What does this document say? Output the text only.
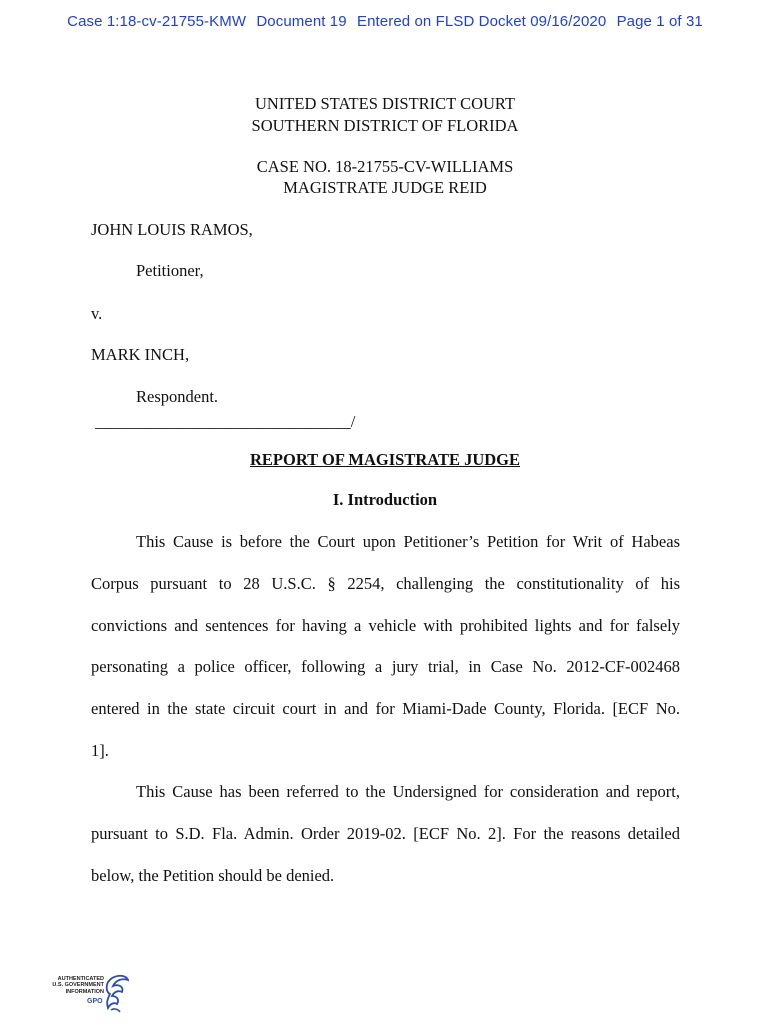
Case 1:18-cv-21755-KMW Document 19 Entered on FLSD Docket 09/16/2020 Page 1 of 31
UNITED STATES DISTRICT COURT
SOUTHERN DISTRICT OF FLORIDA
CASE NO. 18-21755-CV-WILLIAMS
MAGISTRATE JUDGE REID
JOHN LOUIS RAMOS,
Petitioner,
v.
MARK INCH,
Respondent.
_______________________________/
REPORT OF MAGISTRATE JUDGE
I. Introduction
This Cause is before the Court upon Petitioner’s Petition for Writ of Habeas
Corpus pursuant to 28 U.S.C. § 2254, challenging the constitutionality of his
convictions and sentences for having a vehicle with prohibited lights and for falsely
personating a police officer, following a jury trial, in Case No. 2012-CF-002468
entered in the state circuit court in and for Miami-Dade County, Florida. [ECF No.
1].
This Cause has been referred to the Undersigned for consideration and report,
pursuant to S.D. Fla. Admin. Order 2019-02. [ECF No. 2]. For the reasons detailed
below, the Petition should be denied.
AUTHENTICATED
U.S. GOVERNMENT
INFORMATION
GPO
